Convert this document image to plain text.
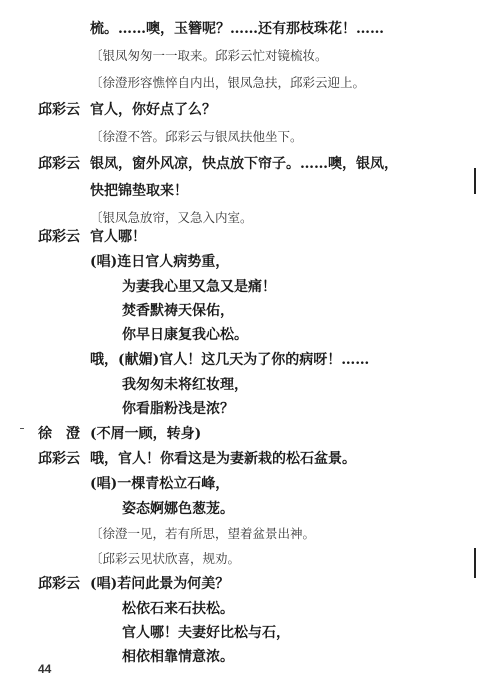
梳。……噢，玉簪呢？……还有那枝珠花！……
〔银凤匆匆一一取来。邱彩云忙对镜梳妆。
〔徐澄形容憔悴自内出，银凤急扶，邱彩云迎上。
邱彩云 官人，你好点了么？
〔徐澄不答。邱彩云与银凤扶他坐下。
邱彩云 银凤，窗外风凉，快点放下帘子。……噢，银凤，
快把锦垫取来！
〔银凤急放帘，又急入内室。
邱彩云 官人哪！
(唱)连日官人病势重，
为妻我心里又急又是痛！
焚香默祷天保佑，
你早日康复我心松。
哦，(献媚)官人！这几天为了你的病呀！……
我匆匆未将红妆理，
你看脂粉浅是浓？
徐　澄 (不屑一顾，转身)
邱彩云 哦，官人！你看这是为妻新栽的松石盆景。
(唱)一棵青松立石峰，
姿态婀娜色葱茏。
〔徐澄一见，若有所思，望着盆景出神。
〔邱彩云见状欣喜，规劝。
邱彩云 (唱)若问此景为何美？
松依石来石扶松。
官人哪！夫妻好比松与石，
相依相靠情意浓。
44
